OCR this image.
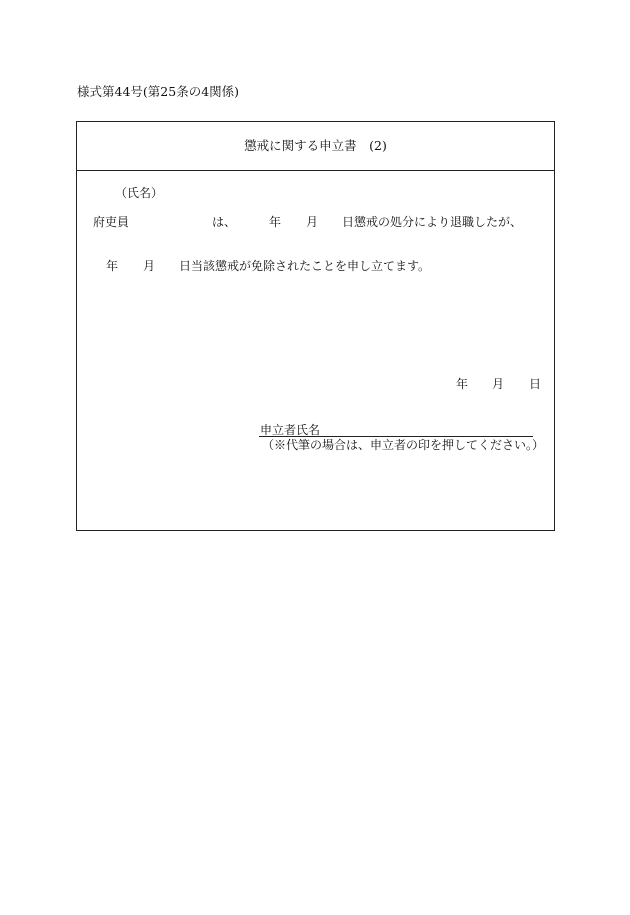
様式第44号(第25条の4関係)
懲戒に関する申立書　(2)
（氏名）
府吏員	は、	年 月 日懲戒の処分により退職したが、
年 月 日当該懲戒が免除されたことを申し立てます。
年 月 日
申立者氏名
（※代筆の場合は、申立者の印を押してください。）
